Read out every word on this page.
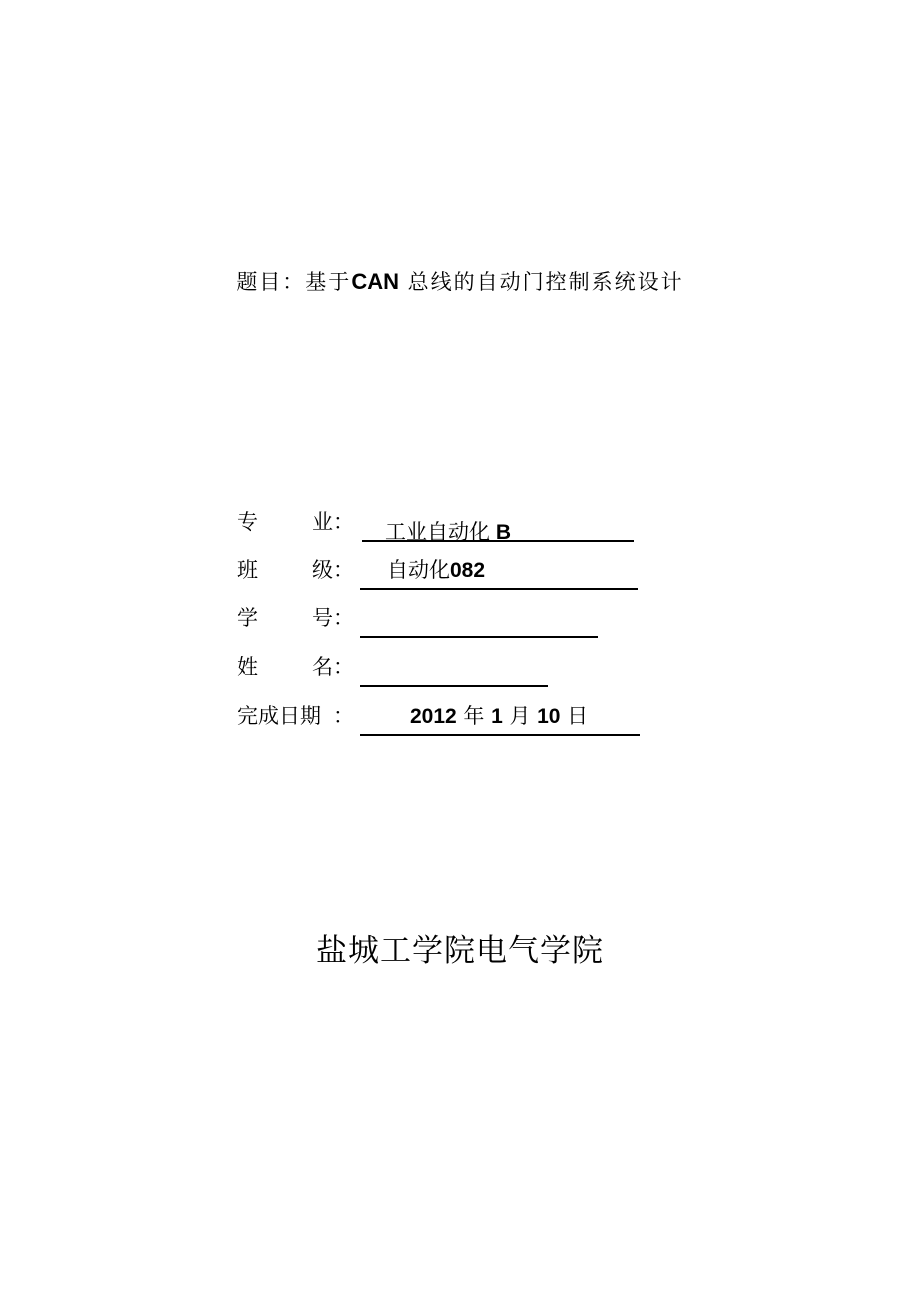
题目：基于CAN 总线的自动门控制系统设计
专	业 ： 工业自动化 B
班	级 ： 自动化082
学	号 ：
姓	名 ：
完成日期 ：	2012 年 1 月 10 日
盐城工学院电气学院
